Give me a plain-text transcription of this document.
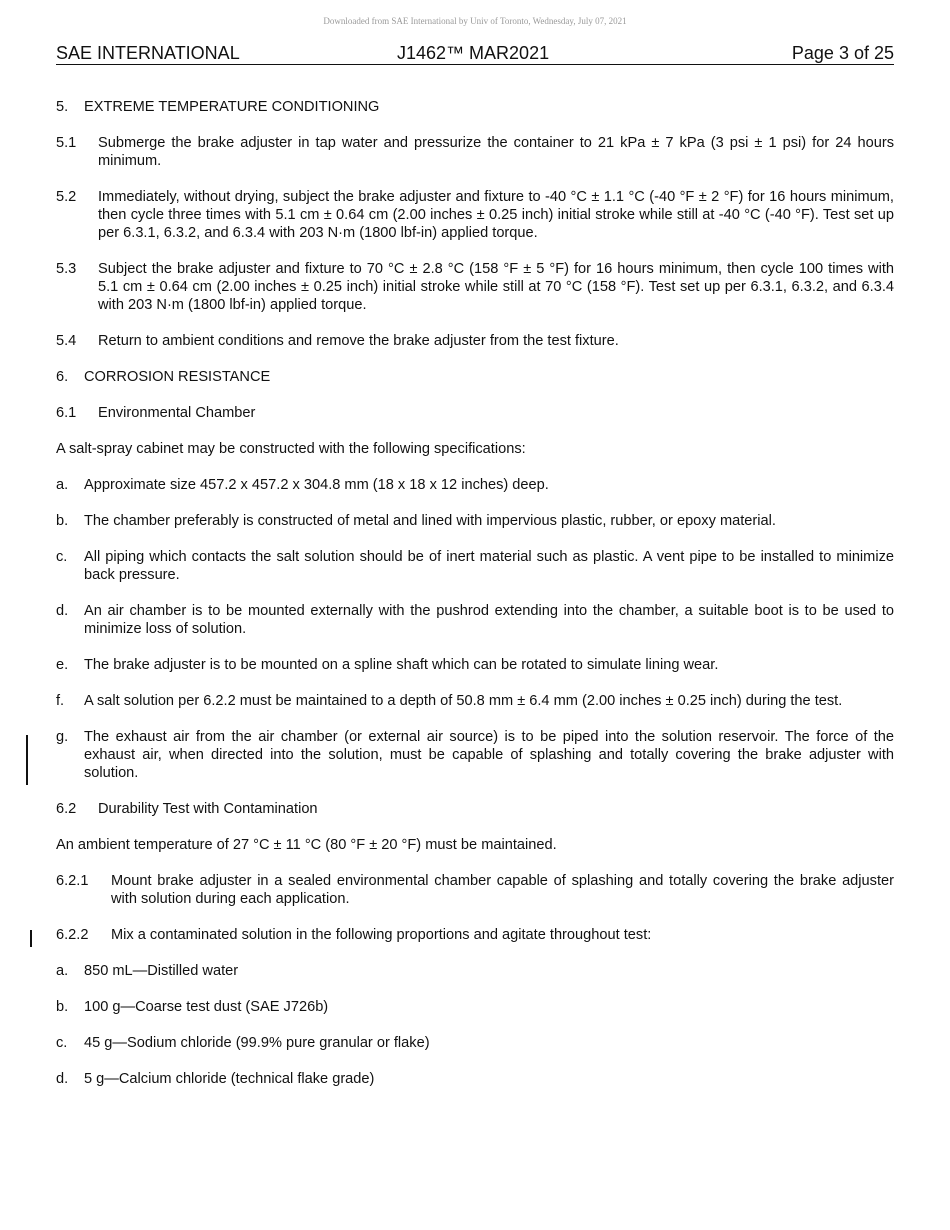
Downloaded from SAE International by Univ of Toronto, Wednesday, July 07, 2021
SAE INTERNATIONAL	J1462™ MAR2021	Page 3 of 25
5. EXTREME TEMPERATURE CONDITIONING
5.1 Submerge the brake adjuster in tap water and pressurize the container to 21 kPa ± 7 kPa (3 psi ± 1 psi) for 24 hours minimum.
5.2 Immediately, without drying, subject the brake adjuster and fixture to -40 °C ± 1.1 °C (-40 °F ± 2 °F) for 16 hours minimum, then cycle three times with 5.1 cm ± 0.64 cm (2.00 inches ± 0.25 inch) initial stroke while still at -40 °C (-40 °F). Test set up per 6.3.1, 6.3.2, and 6.3.4 with 203 N·m (1800 lbf-in) applied torque.
5.3 Subject the brake adjuster and fixture to 70 °C ± 2.8 °C (158 °F ± 5 °F) for 16 hours minimum, then cycle 100 times with 5.1 cm ± 0.64 cm (2.00 inches ± 0.25 inch) initial stroke while still at 70 °C (158 °F). Test set up per 6.3.1, 6.3.2, and 6.3.4 with 203 N·m (1800 lbf-in) applied torque.
5.4 Return to ambient conditions and remove the brake adjuster from the test fixture.
6. CORROSION RESISTANCE
6.1 Environmental Chamber
A salt-spray cabinet may be constructed with the following specifications:
a. Approximate size 457.2 x 457.2 x 304.8 mm (18 x 18 x 12 inches) deep.
b. The chamber preferably is constructed of metal and lined with impervious plastic, rubber, or epoxy material.
c. All piping which contacts the salt solution should be of inert material such as plastic. A vent pipe to be installed to minimize back pressure.
d. An air chamber is to be mounted externally with the pushrod extending into the chamber, a suitable boot is to be used to minimize loss of solution.
e. The brake adjuster is to be mounted on a spline shaft which can be rotated to simulate lining wear.
f. A salt solution per 6.2.2 must be maintained to a depth of 50.8 mm ± 6.4 mm (2.00 inches ± 0.25 inch) during the test.
g. The exhaust air from the air chamber (or external air source) is to be piped into the solution reservoir. The force of the exhaust air, when directed into the solution, must be capable of splashing and totally covering the brake adjuster with solution.
6.2 Durability Test with Contamination
An ambient temperature of 27 °C ± 11 °C (80 °F ± 20 °F) must be maintained.
6.2.1 Mount brake adjuster in a sealed environmental chamber capable of splashing and totally covering the brake adjuster with solution during each application.
6.2.2 Mix a contaminated solution in the following proportions and agitate throughout test:
a. 850 mL—Distilled water
b. 100 g—Coarse test dust (SAE J726b)
c. 45 g—Sodium chloride (99.9% pure granular or flake)
d. 5 g—Calcium chloride (technical flake grade)
